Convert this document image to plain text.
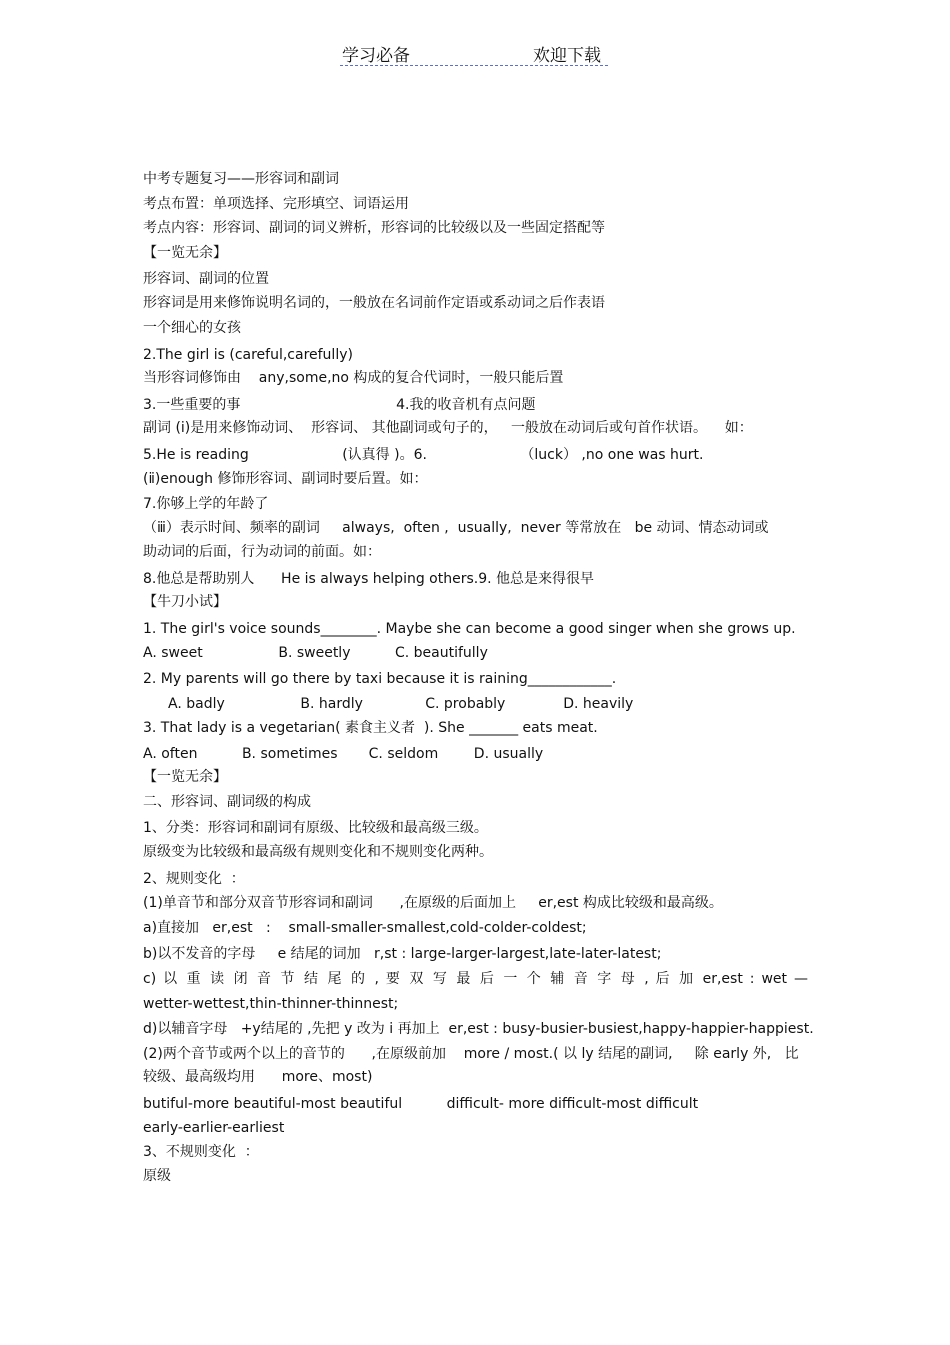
学习必备	欢迎下载
中考专题复习——形容词和副词
考点布置：单项选择、完形填空、词语运用
考点内容：形容词、副词的词义辨析，形容词的比较级以及一些固定搭配等
【一览无余】
形容词、副词的位置
形容词是用来修饰说明名词的，一般放在名词前作定语或系动词之后作表语
一个细心的女孩
2.The girl is (careful,carefully)
当形容词修饰由    any,some,no 构成的复合代词时，一般只能后置
3.一些重要的事                                   4.我的收音机有点问题
副词 (ⅰ)是用来修饰动词、  形容词、 其他副词或句子的，   一般放在动词后或句首作状语。    如：
5.He is reading                     (认真得 )。6.                     （luck） ,no one was hurt.
(ⅱ)enough 修饰形容词、副词时要后置。如：
7.你够上学的年龄了
（ⅲ）表示时间、频率的副词     always,  often ,  usually,  never 等常放在   be 动词、情态动词或
助动词的后面，行为动词的前面。如：
8.他总是帮助别人      He is always helping others.9. 他总是来得很早
【牛刀小试】
1. The girl's voice sounds________. Maybe she can become a good singer when she grows up.
A. sweet                 B. sweetly          C. beautifully
2. My parents will go there by taxi because it is raining____________.
A. badly                 B. hardly              C. probably             D. heavily
3. That lady is a vegetarian( 素食主义者  ). She _______ eats meat.
A. often          B. sometimes       C. seldom        D. usually
【一览无余】
二、形容词、副词级的构成
1、分类：形容词和副词有原级、比较级和最高级三级。
原级变为比较级和最高级有规则变化和不规则变化两种。
2、规则变化  ：
(1)单音节和部分双音节形容词和副词      ,在原级的后面加上     er,est 构成比较级和最高级。
a)直接加   er,est   :    small-smaller-smallest,cold-colder-coldest;
b)以不发音的字母     e 结尾的词加   r,st : large-larger-largest,late-later-latest;
c) 以 重 读 闭 音 节 结 尾 的 , 要 双 写 最 后 一 个 辅 音 字 母 , 后 加 er,est : wet —
wetter-wettest,thin-thinner-thinnest;
d)以辅音字母   +y结尾的 ,先把 y 改为 i 再加上  er,est : busy-busier-busiest,happy-happier-happiest.
(2)两个音节或两个以上的音节的      ,在原级前加    more / most.( 以 ly 结尾的副词,     除 early 外,   比
较级、最高级均用      more、most)
butiful-more beautiful-most beautiful          difficult- more difficult-most difficult
early-earlier-earliest
3、不规则变化  ：
原级
